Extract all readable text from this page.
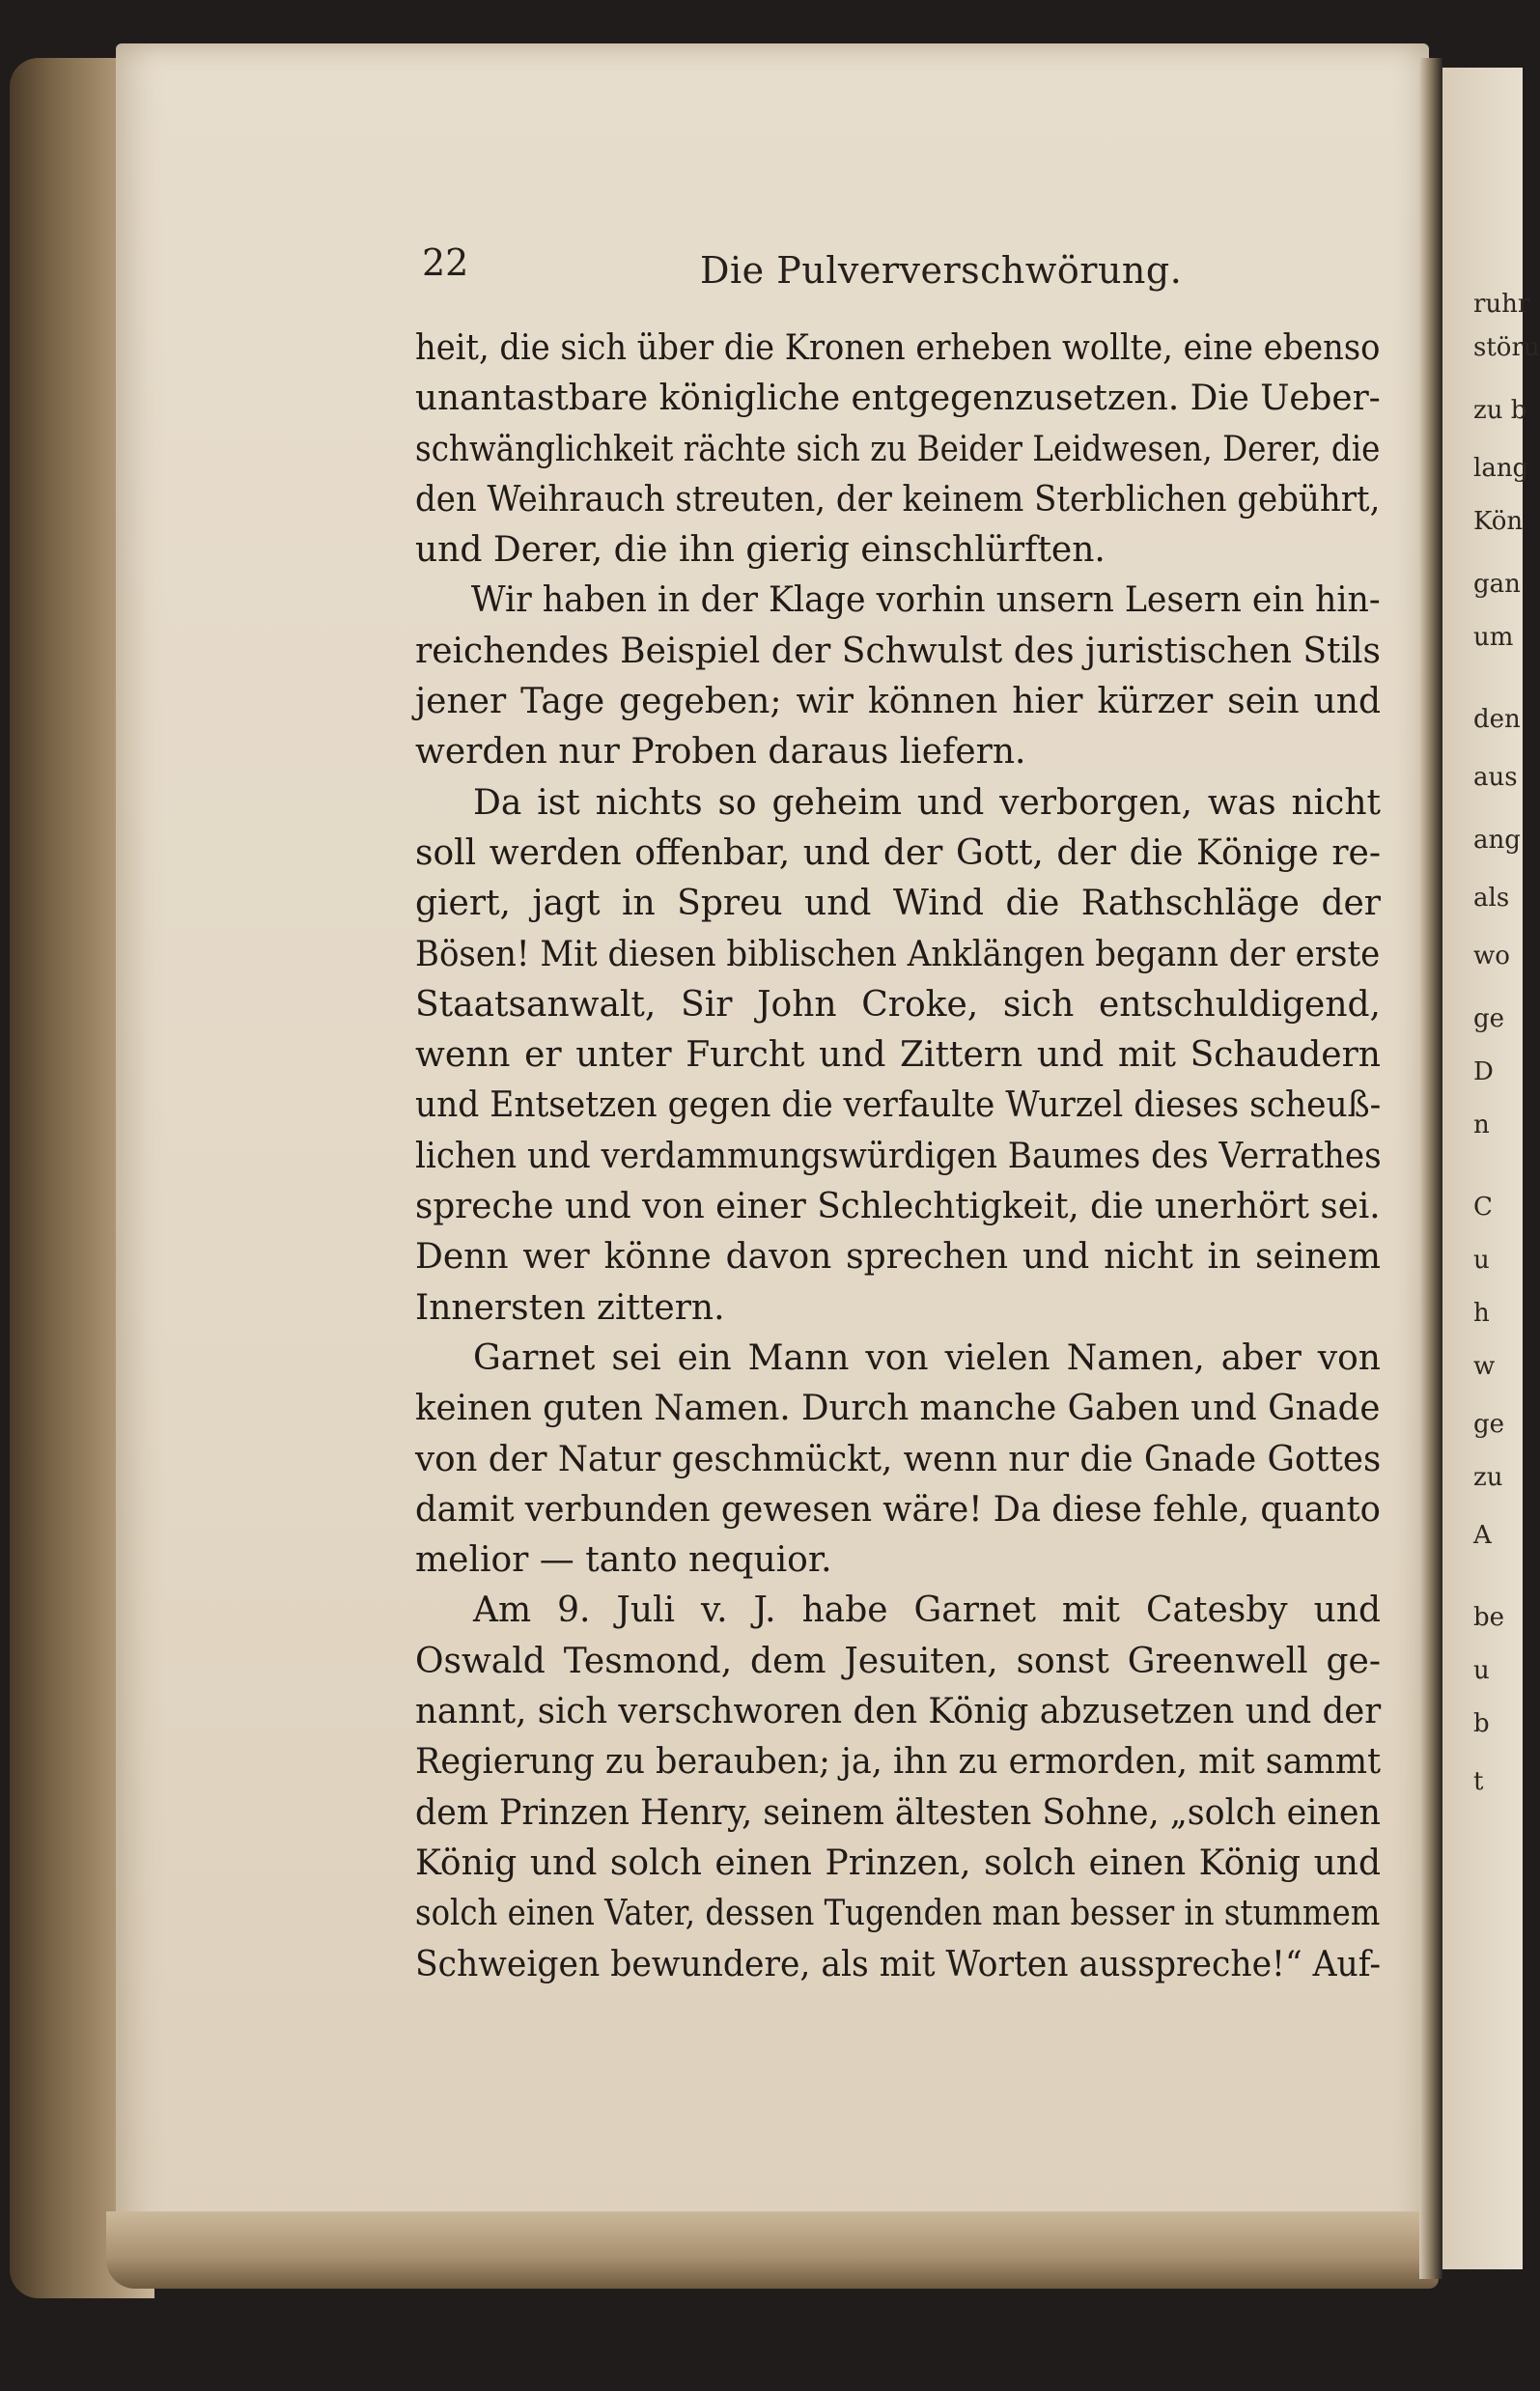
ruhr
störu
zu b
lang
Kön
gan
um
den
aus
ang
als
wo
ge
D
n
C
u
h
w
ge
zu
A
be
u
b
t
22	Die Pulververschwörung.
heit, die sich über die Kronen erheben wollte, eine ebenso
unantastbare königliche entgegenzusetzen. Die Ueber-
schwänglichkeit rächte sich zu Beider Leidwesen, Derer, die
den Weihrauch streuten, der keinem Sterblichen gebührt,
und Derer, die ihn gierig einschlürften.
Wir haben in der Klage vorhin unsern Lesern ein hin-
reichendes Beispiel der Schwulst des juristischen Stils
jener Tage gegeben; wir können hier kürzer sein und
werden nur Proben daraus liefern.
Da ist nichts so geheim und verborgen, was nicht
soll werden offenbar, und der Gott, der die Könige re-
giert, jagt in Spreu und Wind die Rathschläge der
Bösen! Mit diesen biblischen Anklängen begann der erste
Staatsanwalt, Sir John Croke, sich entschuldigend,
wenn er unter Furcht und Zittern und mit Schaudern
und Entsetzen gegen die verfaulte Wurzel dieses scheuß-
lichen und verdammungswürdigen Baumes des Verrathes
spreche und von einer Schlechtigkeit, die unerhört sei.
Denn wer könne davon sprechen und nicht in seinem
Innersten zittern.
Garnet sei ein Mann von vielen Namen, aber von
keinen guten Namen. Durch manche Gaben und Gnade
von der Natur geschmückt, wenn nur die Gnade Gottes
damit verbunden gewesen wäre! Da diese fehle, quanto
melior — tanto nequior.
Am 9. Juli v. J. habe Garnet mit Catesby und
Oswald Tesmond, dem Jesuiten, sonst Greenwell ge-
nannt, sich verschworen den König abzusetzen und der
Regierung zu berauben; ja, ihn zu ermorden, mit sammt
dem Prinzen Henry, seinem ältesten Sohne, „solch einen
König und solch einen Prinzen, solch einen König und
solch einen Vater, dessen Tugenden man besser in stummem
Schweigen bewundere, als mit Worten ausspreche!“ Auf-
